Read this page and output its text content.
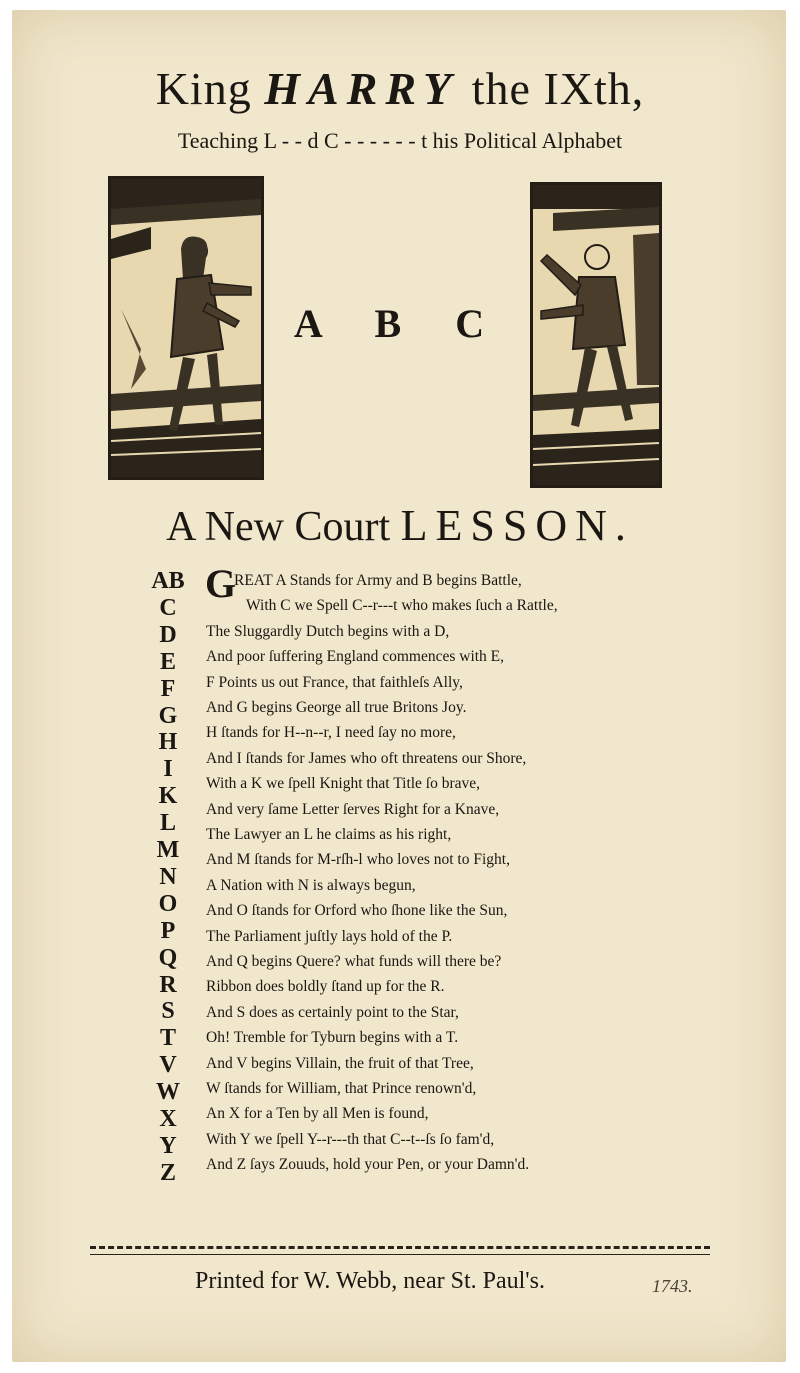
King HARRY the IXth,
Teaching L - - d C - - - - - - t his Political Alphabet
A B C
A New Court LESSON.
AB
C
D
E
F
G
H
I
K
L
M
N
O
P
Q
R
S
T
V
W
X
Y
Z
G
REAT A Stands for Army and B begins Battle,
With C we Spell C--r---t who makes ſuch a Rattle,
The Sluggardly Dutch begins with a D,
And poor ſuffering England commences with E,
F Points us out France, that faithleſs Ally,
And G begins George all true Britons Joy.
H ſtands for H--n--r, I need ſay no more,
And I ſtands for James who oft threatens our Shore,
With a K we ſpell Knight that Title ſo brave,
And very ſame Letter ſerves Right for a Knave,
The Lawyer an L he claims as his right,
And M ſtands for M-rſh-l who loves not to Fight,
A Nation with N is always begun,
And O ſtands for Orford who ſhone like the Sun,
The Parliament juſtly lays hold of the P.
And Q begins Quere? what funds will there be?
Ribbon does boldly ſtand up for the R.
And S does as certainly point to the Star,
Oh! Tremble for Tyburn begins with a T.
And V begins Villain, the fruit of that Tree,
W ſtands for William, that Prince renown'd,
An X for a Ten by all Men is found,
With Y we ſpell Y--r---th that C--t--ſs ſo fam'd,
And Z ſays Zouuds, hold your Pen, or your Damn'd.
Printed for W. Webb, near St. Paul's.	1743.
